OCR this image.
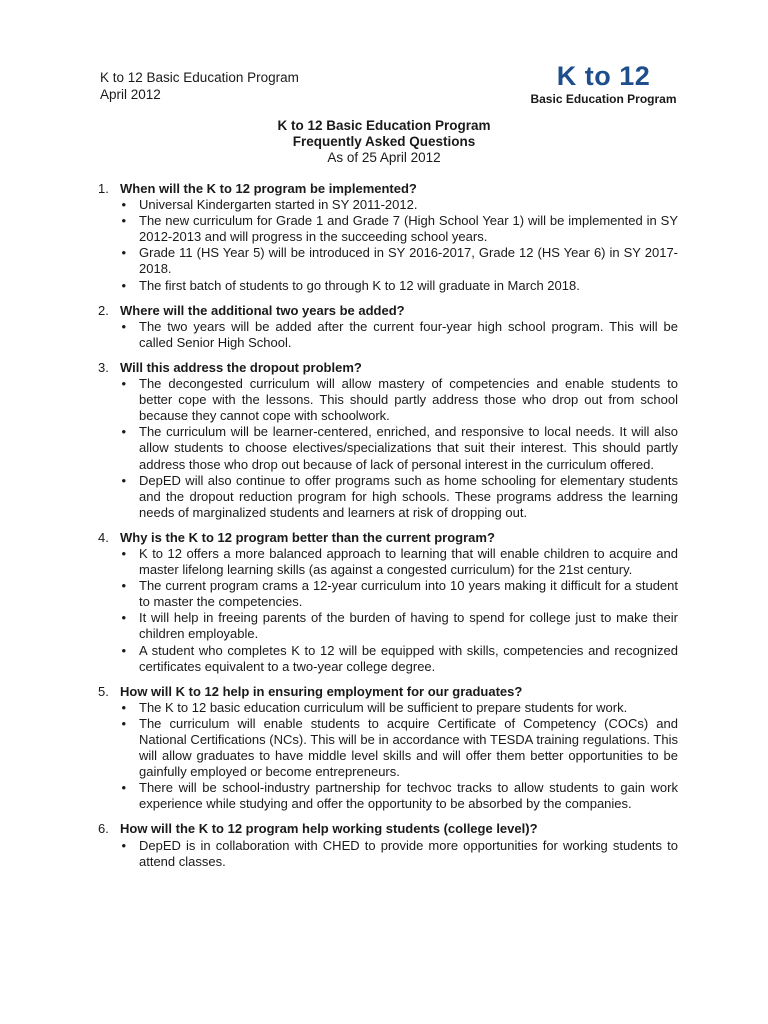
K to 12 Basic Education Program
April 2012
K to 12
Basic Education Program
K to 12 Basic Education Program
Frequently Asked Questions
As of 25 April 2012
1. When will the K to 12 program be implemented?
•	Universal Kindergarten started in SY 2011-2012.
•	The new curriculum for Grade 1 and Grade 7 (High School Year 1) will be implemented in SY 2012-2013 and will progress in the succeeding school years.
•	Grade 11 (HS Year 5) will be introduced in SY 2016-2017, Grade 12 (HS Year 6) in SY 2017-2018.
•	The first batch of students to go through K to 12 will graduate in March 2018.
2. Where will the additional two years be added?
•	The two years will be added after the current four-year high school program. This will be called Senior High School.
3. Will this address the dropout problem?
•	The decongested curriculum will allow mastery of competencies and enable students to better cope with the lessons. This should partly address those who drop out from school because they cannot cope with schoolwork.
•	The curriculum will be learner-centered, enriched, and responsive to local needs. It will also allow students to choose electives/specializations that suit their interest. This should partly address those who drop out because of lack of personal interest in the curriculum offered.
•	DepED will also continue to offer programs such as home schooling for elementary students and the dropout reduction program for high schools. These programs address the learning needs of marginalized students and learners at risk of dropping out.
4. Why is the K to 12 program better than the current program?
•	K to 12 offers a more balanced approach to learning that will enable children to acquire and master lifelong learning skills (as against a congested curriculum) for the 21st century.
•	The current program crams a 12-year curriculum into 10 years making it difficult for a student to master the competencies.
•	It will help in freeing parents of the burden of having to spend for college just to make their children employable.
•	A student who completes K to 12 will be equipped with skills, competencies and recognized certificates equivalent to a two-year college degree.
5. How will K to 12 help in ensuring employment for our graduates?
•	The K to 12 basic education curriculum will be sufficient to prepare students for work.
•	The curriculum will enable students to acquire Certificate of Competency (COCs) and National Certifications (NCs). This will be in accordance with TESDA training regulations. This will allow graduates to have middle level skills and will offer them better opportunities to be gainfully employed or become entrepreneurs.
•	There will be school-industry partnership for techvoc tracks to allow students to gain work experience while studying and offer the opportunity to be absorbed by the companies.
6. How will the K to 12 program help working students (college level)?
•	DepED is in collaboration with CHED to provide more opportunities for working students to attend classes.
